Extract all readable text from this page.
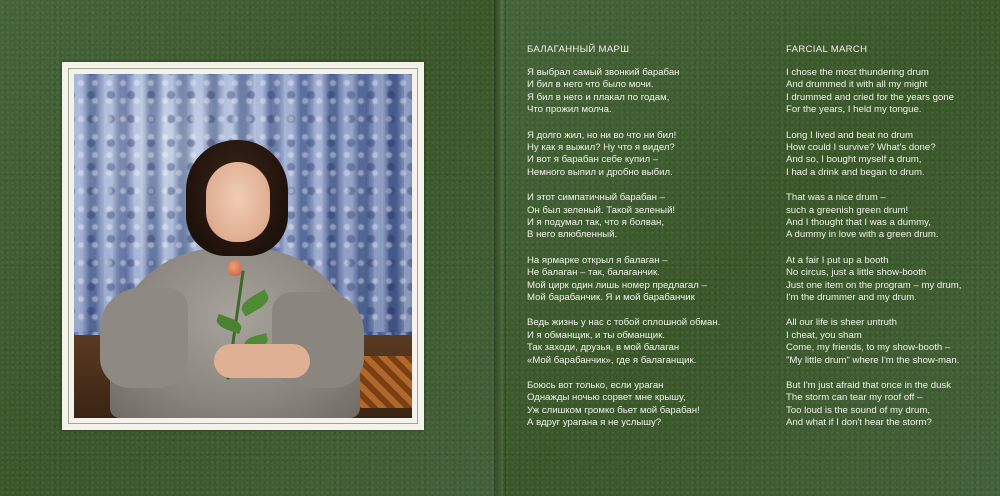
БАЛАГАННЫЙ МАРШ
Я выбрал самый звонкий барабан
И бил в него что было мочи.
Я бил в него и плакал по годам,
Что прожил молча.
Я долго жил, но ни во что ни бил!
Ну как я выжил? Ну что я видел?
И вот я барабан себе купил –
Немного выпил и дробно выбил.
И этот симпатичный барабан –
Он был зеленый. Такой зеленый!
И я подумал так, что я болван,
В него влюбленный.
На ярмарке открыл я балаган –
Не балаган – так, балаганчик.
Мой цирк один лишь номер предлагал –
Мой барабанчик. Я и мой барабанчик
Ведь жизнь у нас с тобой сплошной обман.
И я обманщик, и ты обманщик.
Так заходи, друзья, в мой балаган
«Мой барабанчик», где я балаганщик.
Боюсь вот только, если ураган
Однажды ночью сорвет мне крышу,
Уж слишком громко бьет мой барабан!
А вдруг урагана я не услышу?
FARCIAL MARCH
I chose the most thundering drum
And drummed it with all my might
I drummed and cried for the years gone
For the years, I held my tongue.
Long I lived and beat no drum
How could I survive? What's done?
And so, I bought myself a drum,
I had a drink and began to drum.
That was a nice drum –
such a greenish green drum!
And I thought that I was a dummy,
A dummy in love with a green drum.
At a fair I put up a booth
No circus, just a little show-booth
Just one item on the program – my drum,
I'm the drummer and my drum.
All our life is sheer untruth
I cheat, you sham
Come, my friends, to my show-booth –
"My little drum" where I'm the show-man.
But I'm just afraid that once in the dusk
The storm can tear my roof off –
Too loud is the sound of my drum,
And what if I don't hear the storm?
